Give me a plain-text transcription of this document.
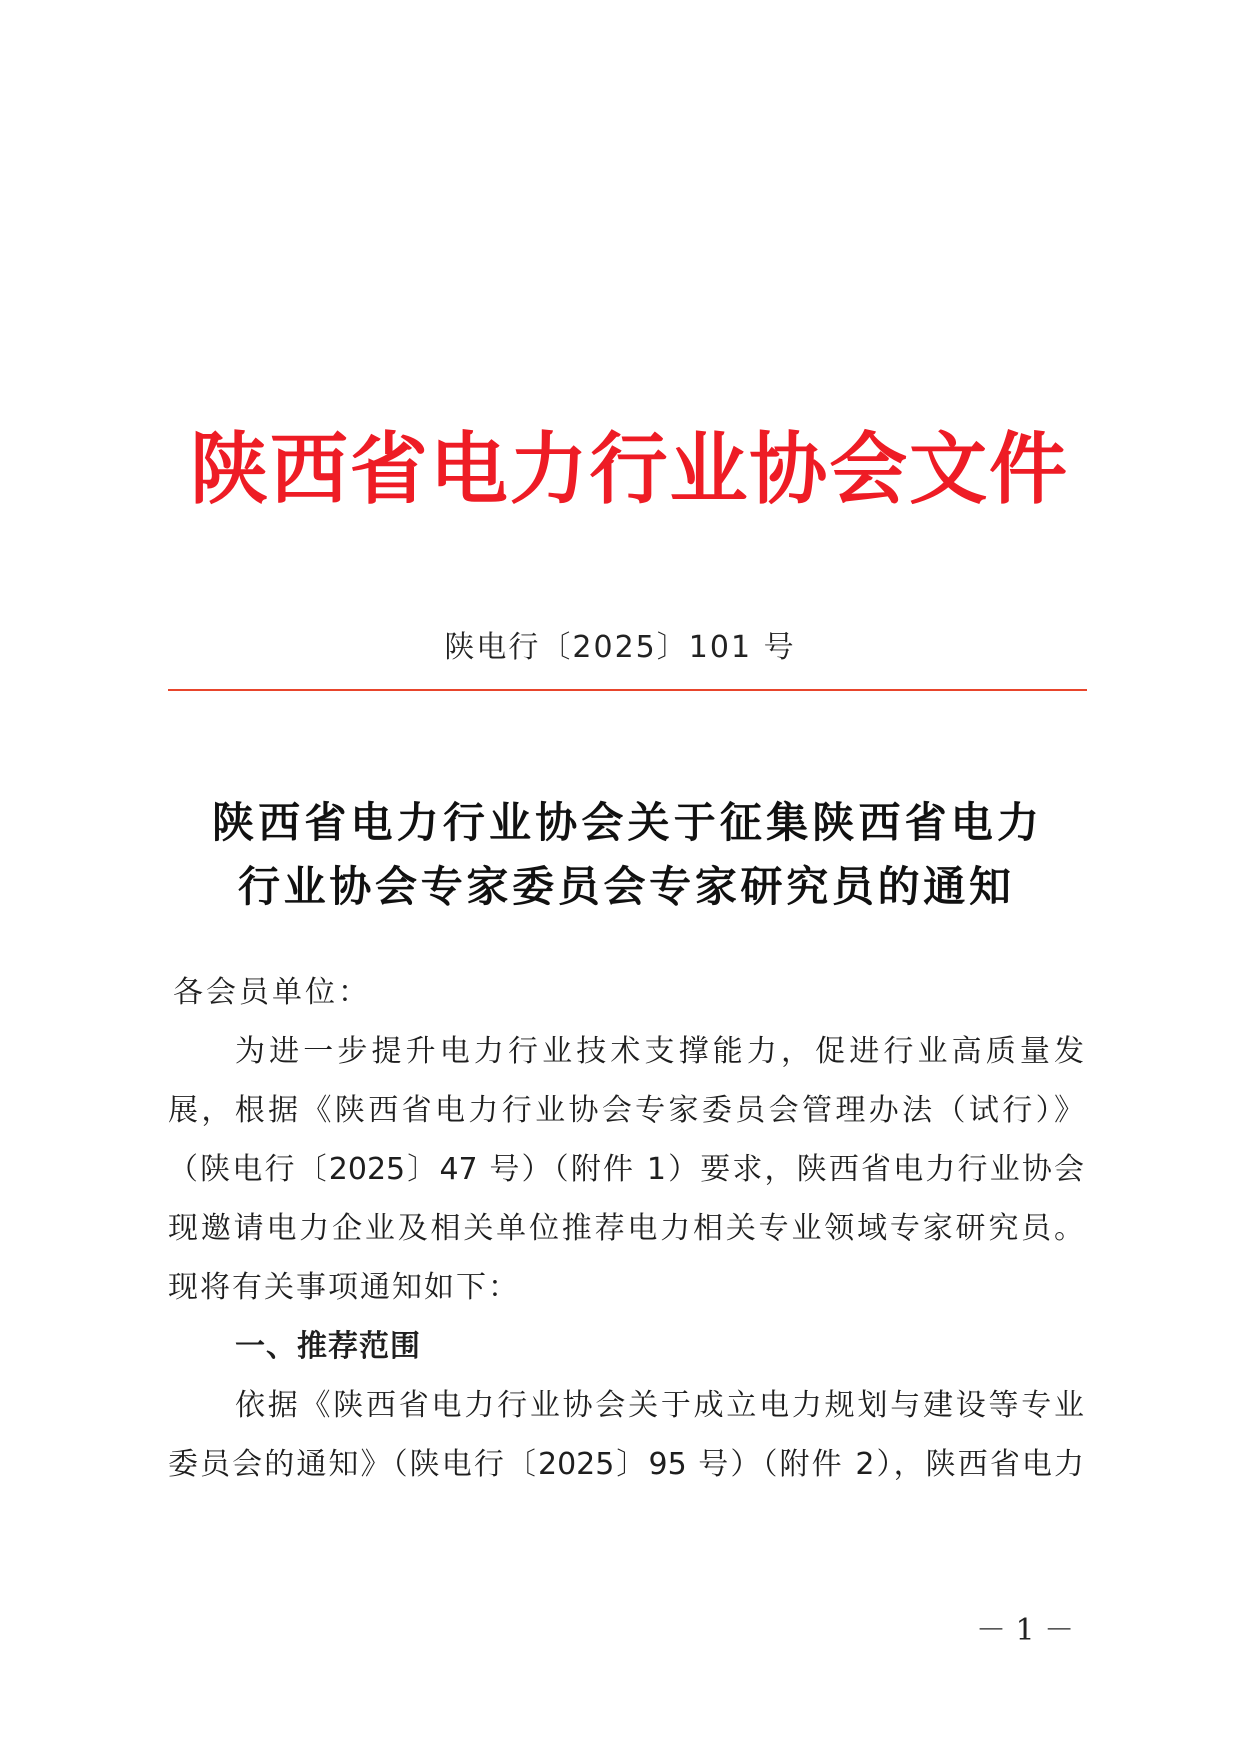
陕西省电力行业协会文件
陕电行〔2025〕101 号
陕西省电力行业协会关于征集陕西省电力
行业协会专家委员会专家研究员的通知
各会员单位：
为进一步提升电力行业技术支撑能力，促进行业高质量发
展，根据《陕西省电力行业协会专家委员会管理办法（试行）》
（陕电行〔2025〕47 号）（附件 1）要求，陕西省电力行业协会
现邀请电力企业及相关单位推荐电力相关专业领域专家研究员。
现将有关事项通知如下：
一、推荐范围
依据《陕西省电力行业协会关于成立电力规划与建设等专业
委员会的通知》（陕电行〔2025〕95 号）（附件 2），陕西省电力
－ 1 －
